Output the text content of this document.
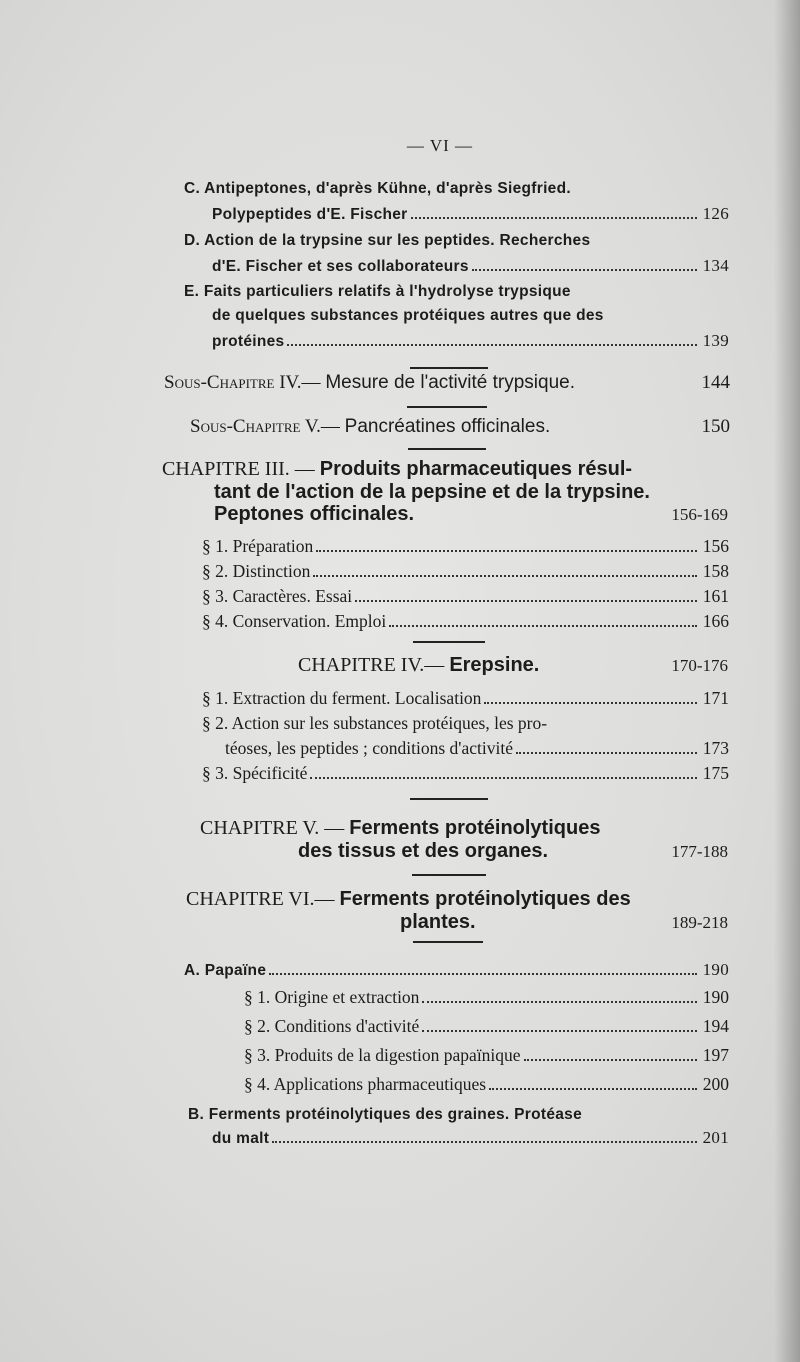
— VI —
C. Antipeptones, d'après Kühne, d'après Siegfried.
Polypeptides d'E. Fischer	126
D. Action de la trypsine sur les peptides. Recherches
d'E. Fischer et ses collaborateurs	134
E. Faits particuliers relatifs à l'hydrolyse trypsique
de quelques substances protéiques autres que des
protéines	139
Sous-Chapitre IV.— Mesure de l'activité trypsique.	144
Sous-Chapitre V.— Pancréatines officinales.	150
CHAPITRE III. — Produits pharmaceutiques résul-
tant de l'action de la pepsine et de la trypsine.
Peptones officinales.	156-169
§ 1. Préparation	156
§ 2. Distinction	158
§ 3. Caractères. Essai	161
§ 4. Conservation. Emploi	166
CHAPITRE IV.— Erepsine.	170-176
§ 1. Extraction du ferment. Localisation	171
§ 2. Action sur les substances protéiques, les pro-
téoses, les peptides ; conditions d'activité	173
§ 3. Spécificité	175
CHAPITRE V. — Ferments protéinolytiques
des tissus et des organes.	177-188
CHAPITRE VI.— Ferments protéinolytiques des
plantes.	189-218
A. Papaïne	190
§ 1. Origine et extraction	190
§ 2. Conditions d'activité	194
§ 3. Produits de la digestion papaïnique	197
§ 4. Applications pharmaceutiques	200
B. Ferments protéinolytiques des graines. Protéase
du malt	201
